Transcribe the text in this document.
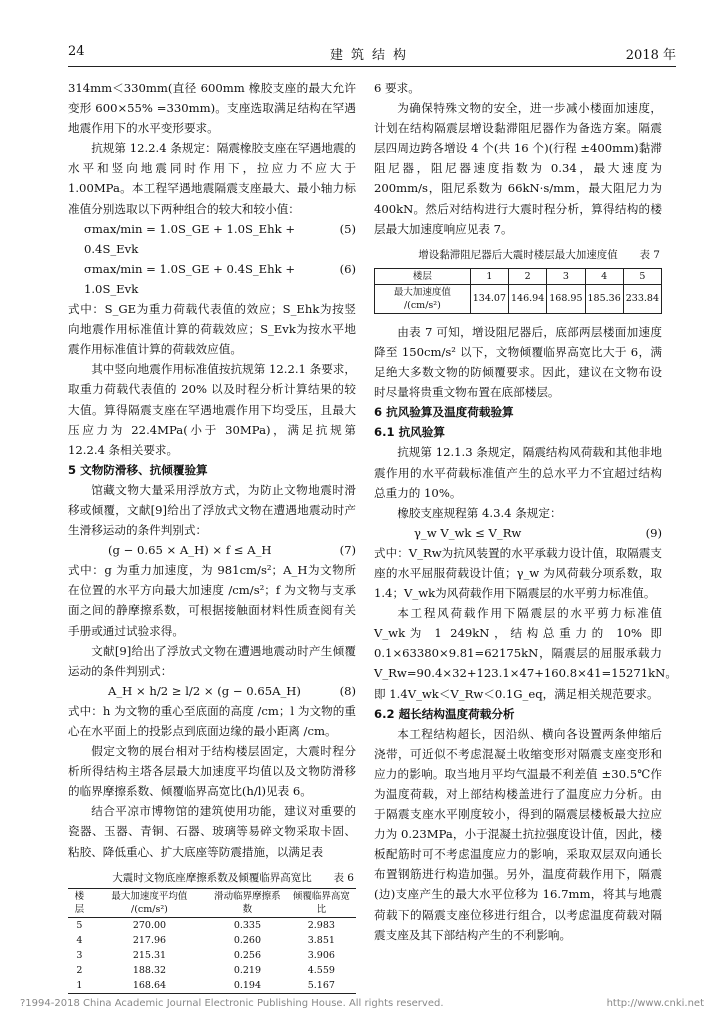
24	建筑结构	2018 年

314mm＜330mm(直径 600mm 橡胶支座的最大允许变形 600×55% =330mm)。支座选取满足结构在罕遇地震作用下的水平变形要求。

抗规第 12.2.4 条规定：隔震橡胶支座在罕遇地震的水平和竖向地震同时作用下，拉应力不应大于 1.00MPa。本工程罕遇地震隔震支座最大、最小轴力标准值分别选取以下两种组合的较大和较小值：

σmax/min = 1.0S_GE + 1.0S_Ehk + 0.4S_Evk
(5)
σmax/min = 1.0S_GE + 0.4S_Ehk + 1.0S_Evk
(6)

式中：S_GE为重力荷载代表值的效应；S_Ehk为按竖向地震作用标准值计算的荷载效应；S_Evk为按水平地震作用标准值计算的荷载效应值。

其中竖向地震作用标准值按抗规第 12.2.1 条要求，取重力荷载代表值的 20% 以及时程分析计算结果的较大值。算得隔震支座在罕遇地震作用下均受压，且最大压应力为 22.4MPa(小于 30MPa)，满足抗规第 12.2.4 条相关要求。

5 文物防滑移、抗倾覆验算

馆藏文物大量采用浮放方式，为防止文物地震时滑移或倾覆，文献[9]给出了浮放式文物在遭遇地震动时产生滑移运动的条件判别式：

(g − 0.65 × A_H) × f ≤ A_H	(7)

式中：g 为重力加速度，为 981cm/s²；A_H为文物所在位置的水平方向最大加速度 /cm/s²；f 为文物与支承面之间的静摩擦系数，可根据接触面材料性质查阅有关手册或通过试验求得。

文献[9]给出了浮放式文物在遭遇地震动时产生倾覆运动的条件判别式：

A_H × h/2 ≥ l/2 × (g − 0.65A_H)	(8)

式中：h 为文物的重心至底面的高度 /cm；l 为文物的重心在水平面上的投影点到底面边缘的最小距离 /cm。

假定文物的展台相对于结构楼层固定，大震时程分析所得结构主塔各层最大加速度平均值以及文物防滑移的临界摩擦系数、倾覆临界高宽比(h/l)见表 6。

结合平凉市博物馆的建筑使用功能，建议对重要的瓷器、玉器、青铜、石器、玻璃等易碎文物采取卡固、粘胶、降低重心、扩大底座等防震措施，以满足表

大震时文物底座摩擦系数及倾覆临界高宽比 表 6
楼层	最大加速度平均值 /(cm/s²)	滑动临界摩擦系数	倾覆临界高宽比
5	270.00	0.335	2.983
4	217.96	0.260	3.851
3	215.31	0.256	3.906
2	188.32	0.219	4.559
1	168.64	0.194	5.167

6 要求。

为确保特殊文物的安全，进一步减小楼面加速度，计划在结构隔震层增设黏滞阻尼器作为备选方案。隔震层四周边跨各增设 4 个(共 16 个)(行程 ±400mm)黏滞阻尼器，阻尼器速度指数为 0.34，最大速度为 200mm/s，阻尼系数为 66kN·s/mm，最大阻尼力为 400kN。然后对结构进行大震时程分析，算得结构的楼层最大加速度响应见表 7。

增设黏滞阻尼器后大震时楼层最大加速度值 表 7
楼层	1	2	3	4	5
最大加速度值 /(cm/s²)	134.07	146.94	168.95	185.36	233.84

由表 7 可知，增设阻尼器后，底部两层楼面加速度降至 150cm/s² 以下，文物倾覆临界高宽比大于 6，满足绝大多数文物的防倾覆要求。因此，建议在文物布设时尽量将贵重文物布置在底部楼层。

6 抗风验算及温度荷载验算

6.1 抗风验算

抗规第 12.1.3 条规定，隔震结构风荷载和其他非地震作用的水平荷载标准值产生的总水平力不宜超过结构总重力的 10%。

橡胶支座规程第 4.3.4 条规定：

γ_w V_wk ≤ V_Rw	(9)

式中：V_Rw为抗风装置的水平承载力设计值，取隔震支座的水平屈服荷载设计值；γ_w 为风荷载分项系数，取 1.4；V_wk为风荷载作用下隔震层的水平剪力标准值。

本工程风荷载作用下隔震层的水平剪力标准值 V_wk为 1 249kN，结构总重力的 10% 即 0.1×63380×9.81=62175kN，隔震层的屈服承载力 V_Rw=90.4×32+123.1×47+160.8×41=15271kN。即 1.4V_wk＜V_Rw＜0.1G_eq，满足相关规范要求。

6.2 超长结构温度荷载分析

本工程结构超长，因沿纵、横向各设置两条伸缩后浇带，可近似不考虑混凝土收缩变形对隔震支座变形和应力的影响。取当地月平均气温最不利差值 ±30.5℃作为温度荷载，对上部结构楼盖进行了温度应力分析。由于隔震支座水平刚度较小，得到的隔震层楼板最大拉应力为 0.23MPa，小于混凝土抗拉强度设计值，因此，楼板配筋时可不考虑温度应力的影响，采取双层双向通长布置钢筋进行构造加强。另外，温度荷载作用下，隔震(边)支座产生的最大水平位移为 16.7mm，将其与地震荷载下的隔震支座位移进行组合，以考虑温度荷载对隔震支座及其下部结构产生的不利影响。

?1994-2018 China Academic Journal Electronic Publishing House. All rights reserved.	http://www.cnki.net
